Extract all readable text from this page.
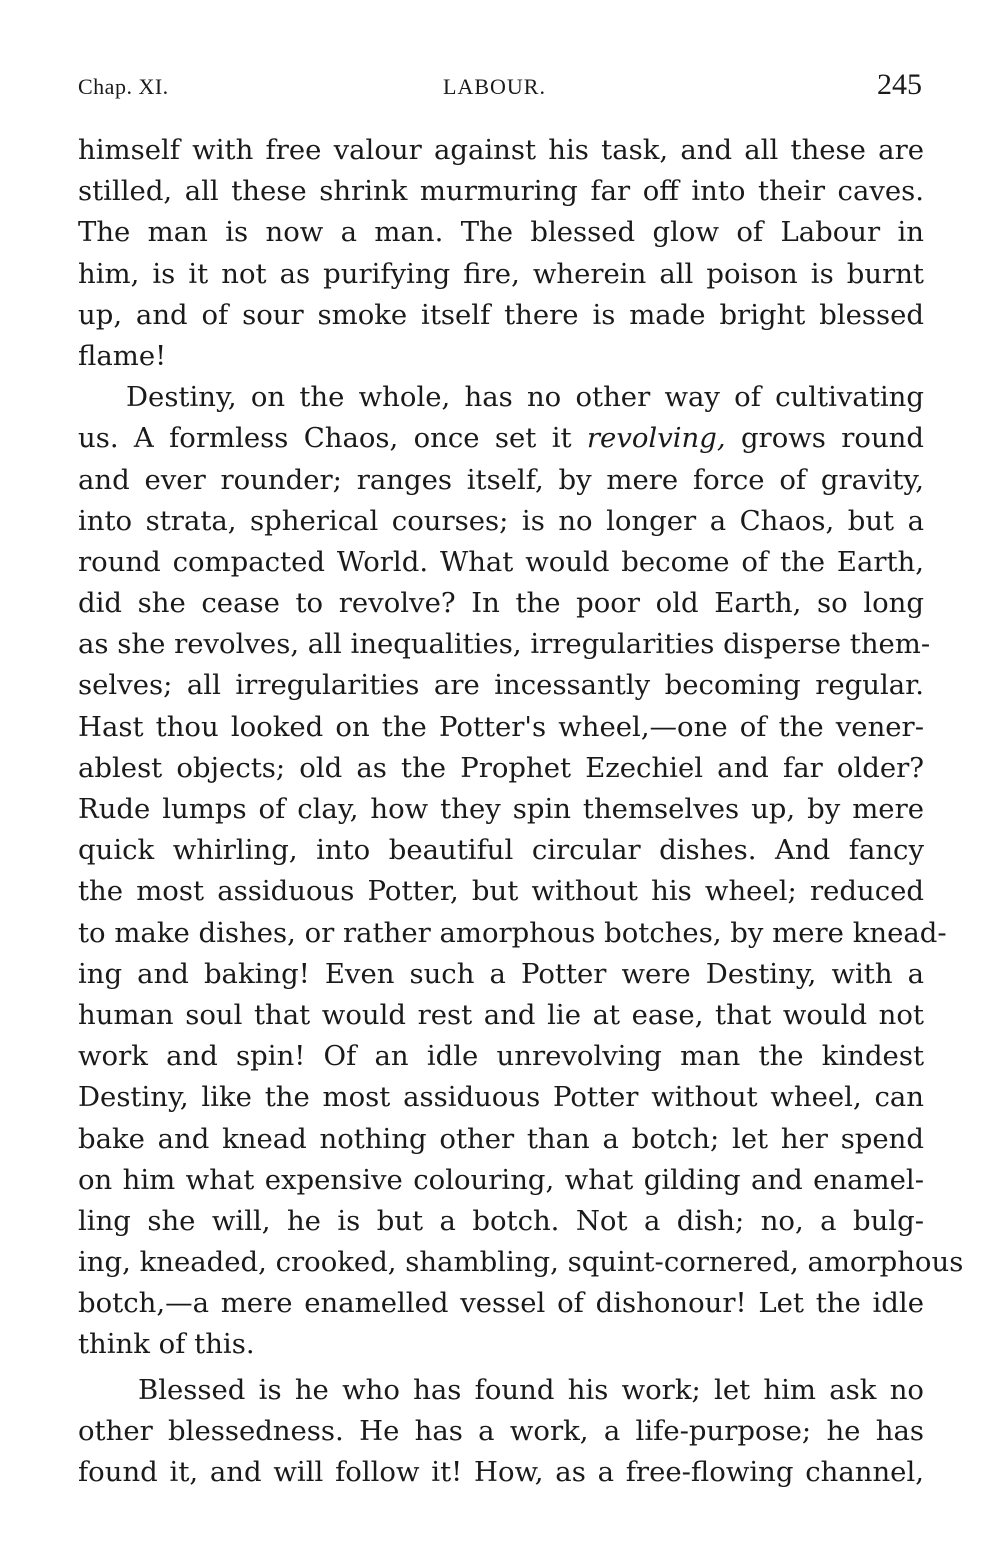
Chap. XI.	LABOUR.	245
himself with free valour against his task, and all these are
stilled, all these shrink murmuring far off into their caves.
The man is now a man. The blessed glow of Labour in
him, is it not as purifying fire, wherein all poison is burnt
up, and of sour smoke itself there is made bright blessed
flame!
Destiny, on the whole, has no other way of cultivating
us. A formless Chaos, once set it revolving, grows round
and ever rounder; ranges itself, by mere force of gravity,
into strata, spherical courses; is no longer a Chaos, but a
round compacted World. What would become of the Earth,
did she cease to revolve? In the poor old Earth, so long
as she revolves, all inequalities, irregularities disperse them-
selves; all irregularities are incessantly becoming regular.
Hast thou looked on the Potter's wheel,—one of the vener-
ablest objects; old as the Prophet Ezechiel and far older?
Rude lumps of clay, how they spin themselves up, by mere
quick whirling, into beautiful circular dishes. And fancy
the most assiduous Potter, but without his wheel; reduced
to make dishes, or rather amorphous botches, by mere knead-
ing and baking! Even such a Potter were Destiny, with a
human soul that would rest and lie at ease, that would not
work and spin! Of an idle unrevolving man the kindest
Destiny, like the most assiduous Potter without wheel, can
bake and knead nothing other than a botch; let her spend
on him what expensive colouring, what gilding and enamel-
ling she will, he is but a botch. Not a dish; no, a bulg-
ing, kneaded, crooked, shambling, squint-cornered, amorphous
botch,—a mere enamelled vessel of dishonour! Let the idle
think of this.
Blessed is he who has found his work; let him ask no
other blessedness. He has a work, a life-purpose; he has
found it, and will follow it! How, as a free-flowing channel,
